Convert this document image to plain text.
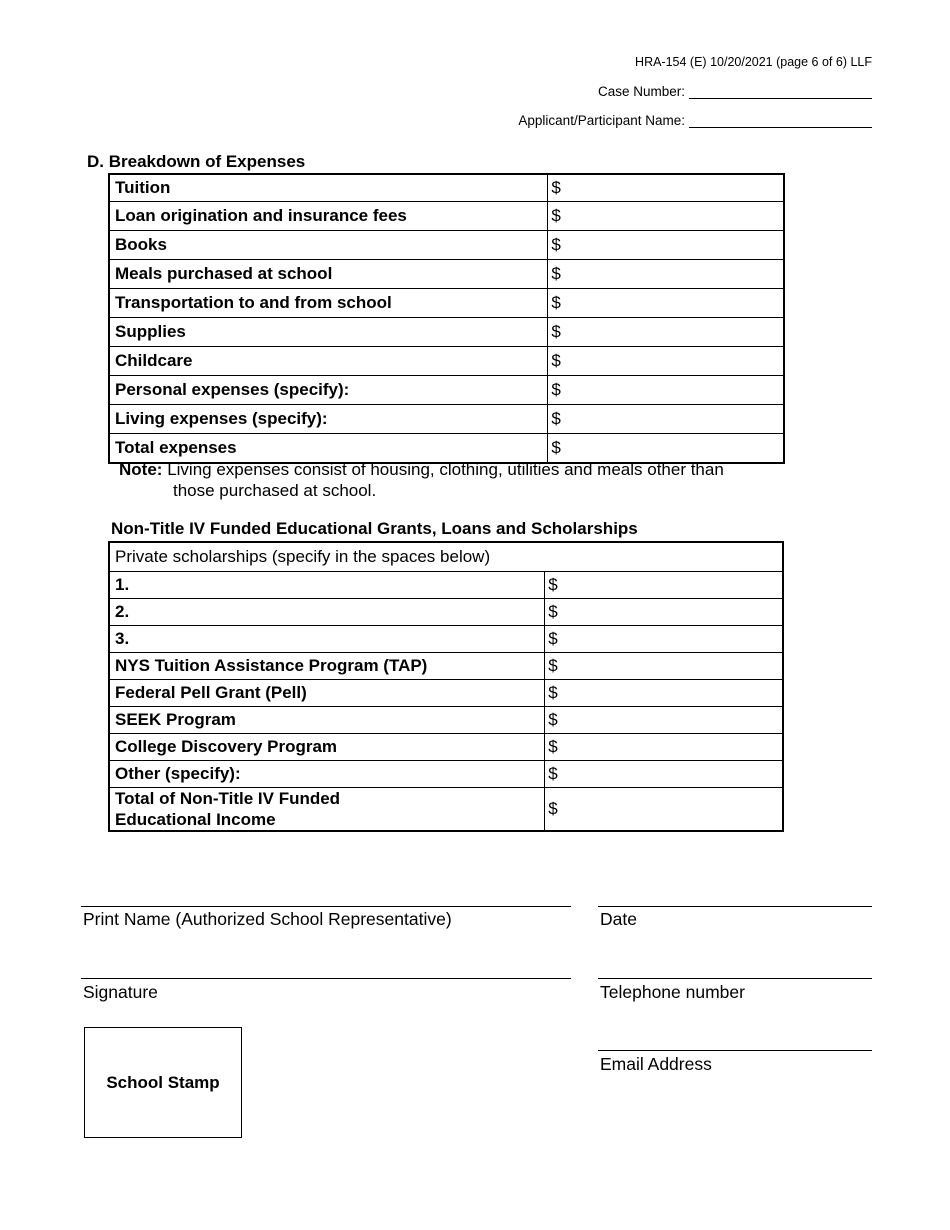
HRA-154 (E) 10/20/2021 (page 6 of 6) LLF
Case Number:
Applicant/Participant Name:
D. Breakdown of Expenses
Tuition	$
Loan origination and insurance fees	$
Books	$
Meals purchased at school	$
Transportation to and from school	$
Supplies	$
Childcare	$
Personal expenses (specify):	$
Living expenses (specify):	$
Total expenses	$
Note: Living expenses consist of housing, clothing, utilities and meals other than
those purchased at school.
Non-Title IV Funded Educational Grants, Loans and Scholarships
Private scholarships (specify in the spaces below)	
1.	$
2.	$
3.	$
NYS Tuition Assistance Program (TAP)	$
Federal Pell Grant (Pell)	$
SEEK Program	$
College Discovery Program	$
Other (specify):	$
Total of Non-Title IV Funded
Educational Income	$
Print Name (Authorized School Representative)	Date
Signature	Telephone number
Email Address
School Stamp
